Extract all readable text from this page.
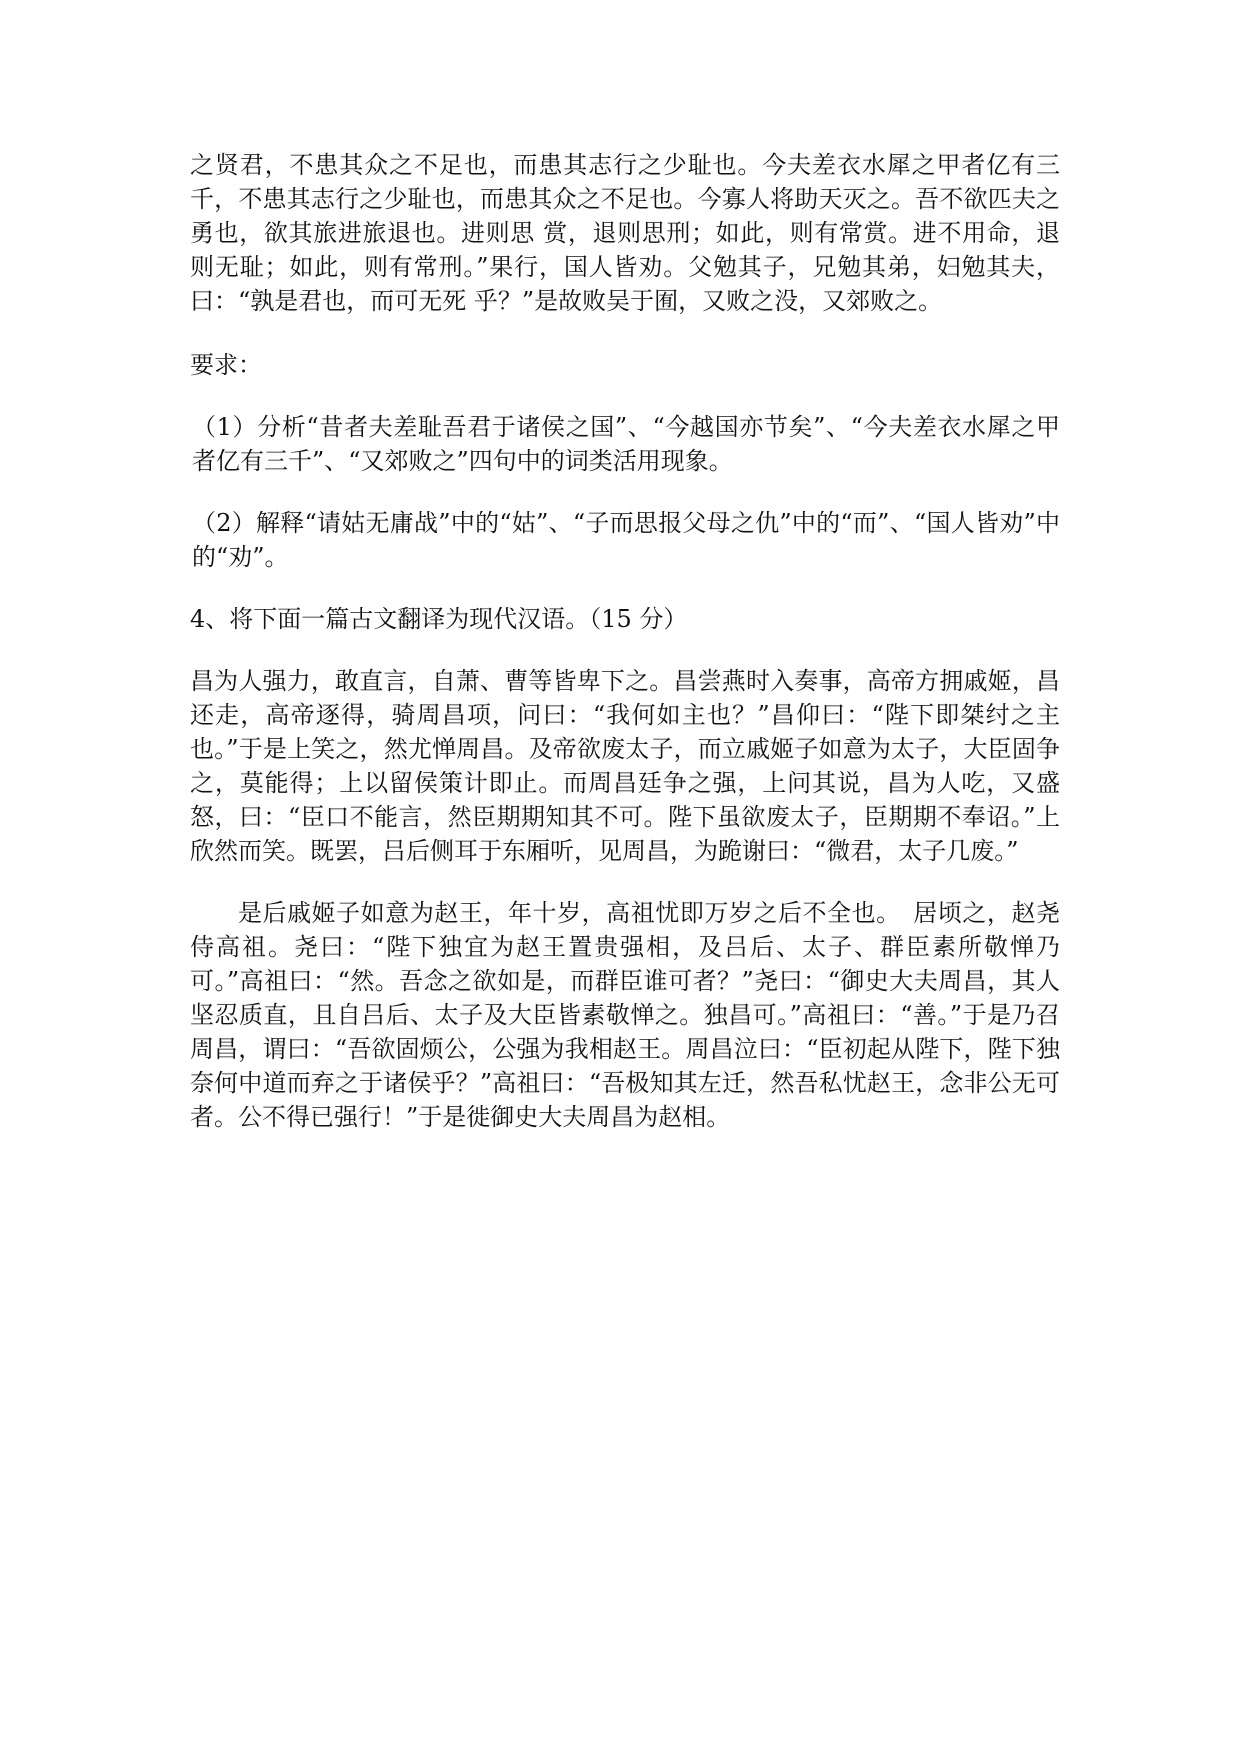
之贤君，不患其众之不足也，而患其志行之少耻也。今夫差衣水犀之甲者亿有三千，不患其志行之少耻也，而患其众之不足也。今寡人将助天灭之。吾不欲匹夫之勇也，欲其旅进旅退也。进则思 赏，退则思刑；如此，则有常赏。进不用命，退则无耻；如此，则有常刑。”果行，国人皆劝。父勉其子，兄勉其弟，妇勉其夫，曰：“孰是君也，而可无死 乎？”是故败吴于囿，又败之没，又郊败之。

要求：

（1）分析“昔者夫差耻吾君于诸侯之国”、“今越国亦节矣”、“今夫差衣水犀之甲者亿有三千”、“又郊败之”四句中的词类活用现象。

（2）解释“请姑无庸战”中的“姑”、“子而思报父母之仇”中的“而”、“国人皆劝”中的“劝”。

4、将下面一篇古文翻译为现代汉语。（15 分）

昌为人强力，敢直言，自萧、曹等皆卑下之。昌尝燕时入奏事，高帝方拥戚姬，昌还走，高帝逐得，骑周昌项，问曰：“我何如主也？”昌仰曰：“陛下即桀纣之主也。”于是上笑之，然尤惮周昌。及帝欲废太子，而立戚姬子如意为太子，大臣固争之，莫能得；上以留侯策计即止。而周昌廷争之强，上问其说，昌为人吃，又盛怒，曰：“臣口不能言，然臣期期知其不可。陛下虽欲废太子，臣期期不奉诏。”上欣然而笑。既罢，吕后侧耳于东厢听，见周昌，为跪谢曰：“微君，太子几废。”

是后戚姬子如意为赵王，年十岁，高祖忧即万岁之后不全也。　居顷之，赵尧侍高祖。尧曰：“陛下独宜为赵王置贵强相，及吕后、太子、群臣素所敬惮乃可。”高祖曰：“然。吾念之欲如是，而群臣谁可者？”尧曰：“御史大夫周昌，其人坚忍质直，且自吕后、太子及大臣皆素敬惮之。独昌可。”高祖曰：“善。”于是乃召周昌，谓曰：“吾欲固烦公，公强为我相赵王。周昌泣曰：“臣初起从陛下，陛下独奈何中道而弃之于诸侯乎？”高祖曰：“吾极知其左迁，然吾私忧赵王，念非公无可者。公不得已强行！”于是徙御史大夫周昌为赵相。
